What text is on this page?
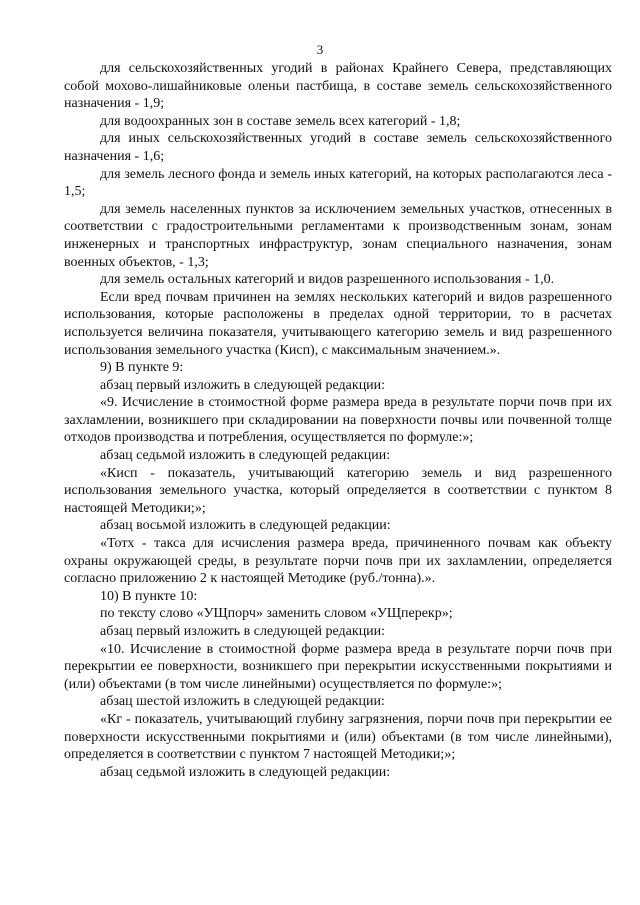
3

для сельскохозяйственных угодий в районах Крайнего Севера, представляющих собой мохово-лишайниковые оленьи пастбища, в составе земель сельскохозяйственного назначения - 1,9;

для водоохранных зон в составе земель всех категорий - 1,8;

для иных сельскохозяйственных угодий в составе земель сельскохозяйственного назначения - 1,6;

для земель лесного фонда и земель иных категорий, на которых располагаются леса - 1,5;

для земель населенных пунктов за исключением земельных участков, отнесенных в соответствии с градостроительными регламентами к производственным зонам, зонам инженерных и транспортных инфраструктур, зонам специального назначения, зонам военных объектов, - 1,3;

для земель остальных категорий и видов разрешенного использования - 1,0.

Если вред почвам причинен на землях нескольких категорий и видов разрешенного использования, которые расположены в пределах одной территории, то в расчетах используется величина показателя, учитывающего категорию земель и вид разрешенного использования земельного участка (Кисп), с максимальным значением.».

9) В пункте 9:

абзац первый изложить в следующей редакции:

«9. Исчисление в стоимостной форме размера вреда в результате порчи почв при их захламлении, возникшего при складировании на поверхности почвы или почвенной толще отходов производства и потребления, осуществляется по формуле:»;

абзац седьмой изложить в следующей редакции:

«Кисп - показатель, учитывающий категорию земель и вид разрешенного использования земельного участка, который определяется в соответствии с пунктом 8 настоящей Методики;»;

абзац восьмой изложить в следующей редакции:

«Тотх - такса для исчисления размера вреда, причиненного почвам как объекту охраны окружающей среды, в результате порчи почв при их захламлении, определяется согласно приложению 2 к настоящей Методике (руб./тонна).».

10) В пункте 10:

по тексту слово «УЩпорч» заменить словом «УЩперекр»;

абзац первый изложить в следующей редакции:

«10. Исчисление в стоимостной форме размера вреда в результате порчи почв при перекрытии ее поверхности, возникшего при перекрытии искусственными покрытиями и (или) объектами (в том числе линейными) осуществляется по формуле:»;

абзац шестой изложить в следующей редакции:

«Кг - показатель, учитывающий глубину загрязнения, порчи почв при перекрытии ее поверхности искусственными покрытиями и (или) объектами (в том числе линейными), определяется в соответствии с пунктом 7 настоящей Методики;»;

абзац седьмой изложить в следующей редакции:
